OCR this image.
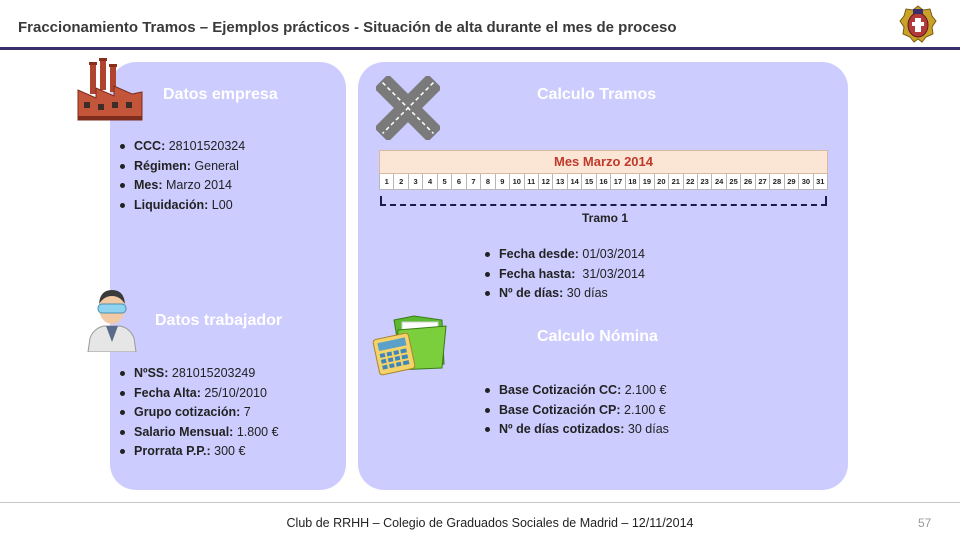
Fraccionamiento Tramos – Ejemplos prácticos - Situación de alta durante el mes de proceso
Datos empresa
CCC: 28101520324
Régimen: General
Mes: Marzo 2014
Liquidación: L00
Datos trabajador
NºSS: 281015203249
Fecha Alta: 25/10/2010
Grupo cotización: 7
Salario Mensual: 1.800 €
Prorrata P.P.: 300 €
Calculo Tramos
Mes Marzo 2014
1	2	3	4	5	6	7	8	9	10 11 12 13 14 15 16 17 18 19 20 21 22 23 24 25 26 27 28 29 30 31
Tramo 1
Fecha desde: 01/03/2014
Fecha hasta:  31/03/2014
Nº de días: 30 días
Calculo Nómina
Base Cotización CC: 2.100 €
Base Cotización CP: 2.100 €
Nº de días cotizados: 30 días
Club de RRHH – Colegio de Graduados Sociales de Madrid – 12/11/2014	57
